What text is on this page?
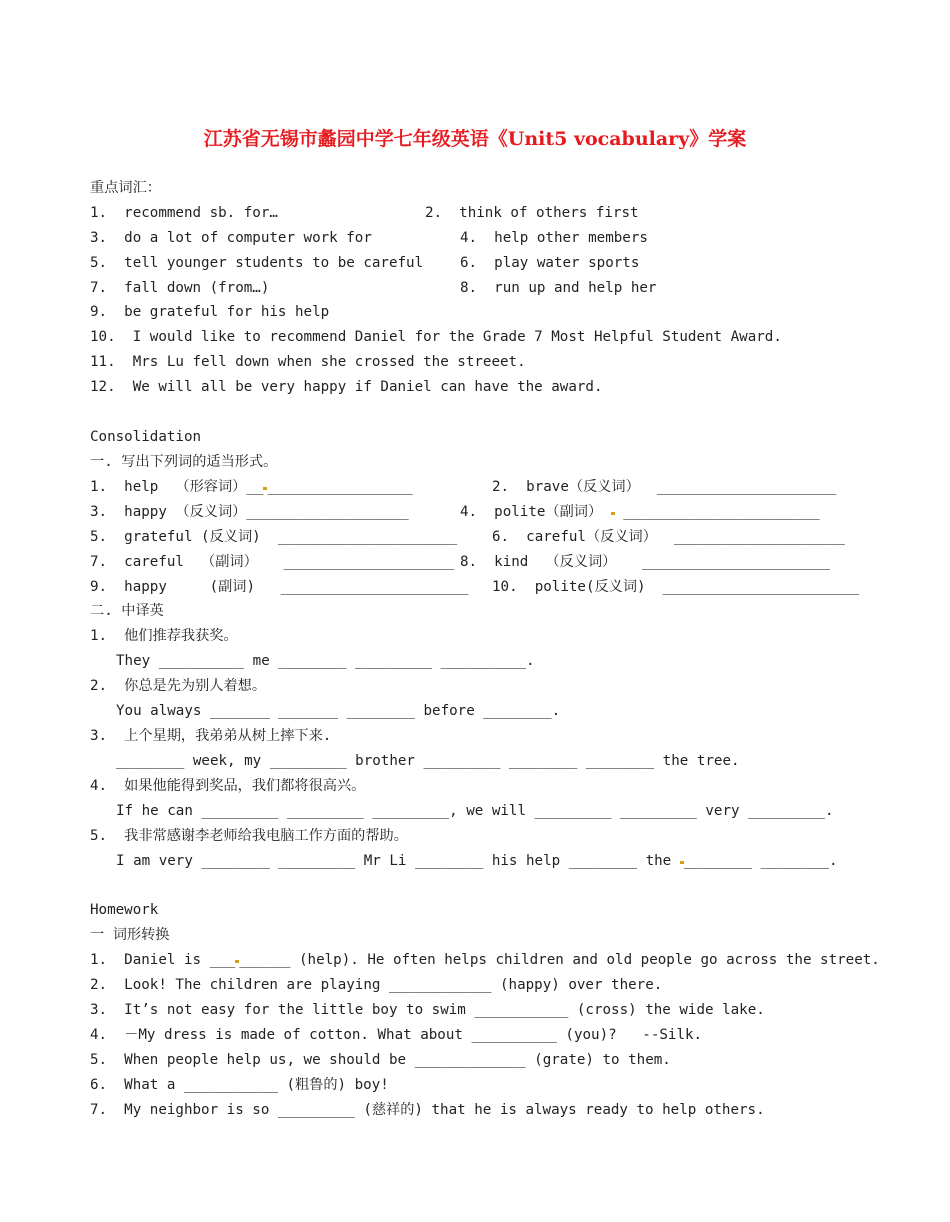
江苏省无锡市蠡园中学七年级英语《Unit5 vocabulary》学案
重点词汇：
1.  recommend sb. for…	2.  think of others first
3.  do a lot of computer work for	4.  help other members
5.  tell younger students to be careful	6.  play water sports
7.  fall down (from…)	8.  run up and help her
9.  be grateful for his help
10.  I would like to recommend Daniel for the Grade 7 Most Helpful Student Award.
11.  Mrs Lu fell down when she crossed the streeet.
12.  We will all be very happy if Daniel can have the award.
Consolidation
一. 写出下列词的适当形式。
1.  help  （形容词）__ _________________	2.  brave（反义词）  _____________________
3.  happy （反义词）___________________	4.  polite（副词） _______________________
5.  grateful (反义词)  _____________________ 6.  careful（反义词）  ____________________
7.  careful  （副词）   ____________________ 8.  kind  （反义词）   ______________________
9.  happy     (副词)   ______________________ 10.  polite(反义词)  _______________________
二. 中译英
1.  他们推荐我获奖。
They __________ me ________ _________ __________.
2.  你总是先为别人着想。
You always _______ _______ ________ before ________.
3.  上个星期，我弟弟从树上摔下来.
________ week, my _________ brother _________ ________ ________ the tree.
4.  如果他能得到奖品，我们都将很高兴。
If he can _________ _________ _________, we will _________ _________ very _________.
5.  我非常感谢李老师给我电脑工作方面的帮助。
I am very ________ _________ Mr Li ________ his help ________ the ________ ________.
Homework
一 词形转换
1.  Daniel is ___ ______ (help). He often helps children and old people go across the street.
2.  Look! The children are playing ____________ (happy) over there.
3.  It’s not easy for the little boy to swim ___________ (cross) the wide lake.
4.  －My dress is made of cotton. What about __________ (you)?   --Silk.
5.  When people help us, we should be _____________ (grate) to them.
6.  What a ___________ (粗鲁的) boy!
7.  My neighbor is so _________ (慈祥的) that he is always ready to help others.
